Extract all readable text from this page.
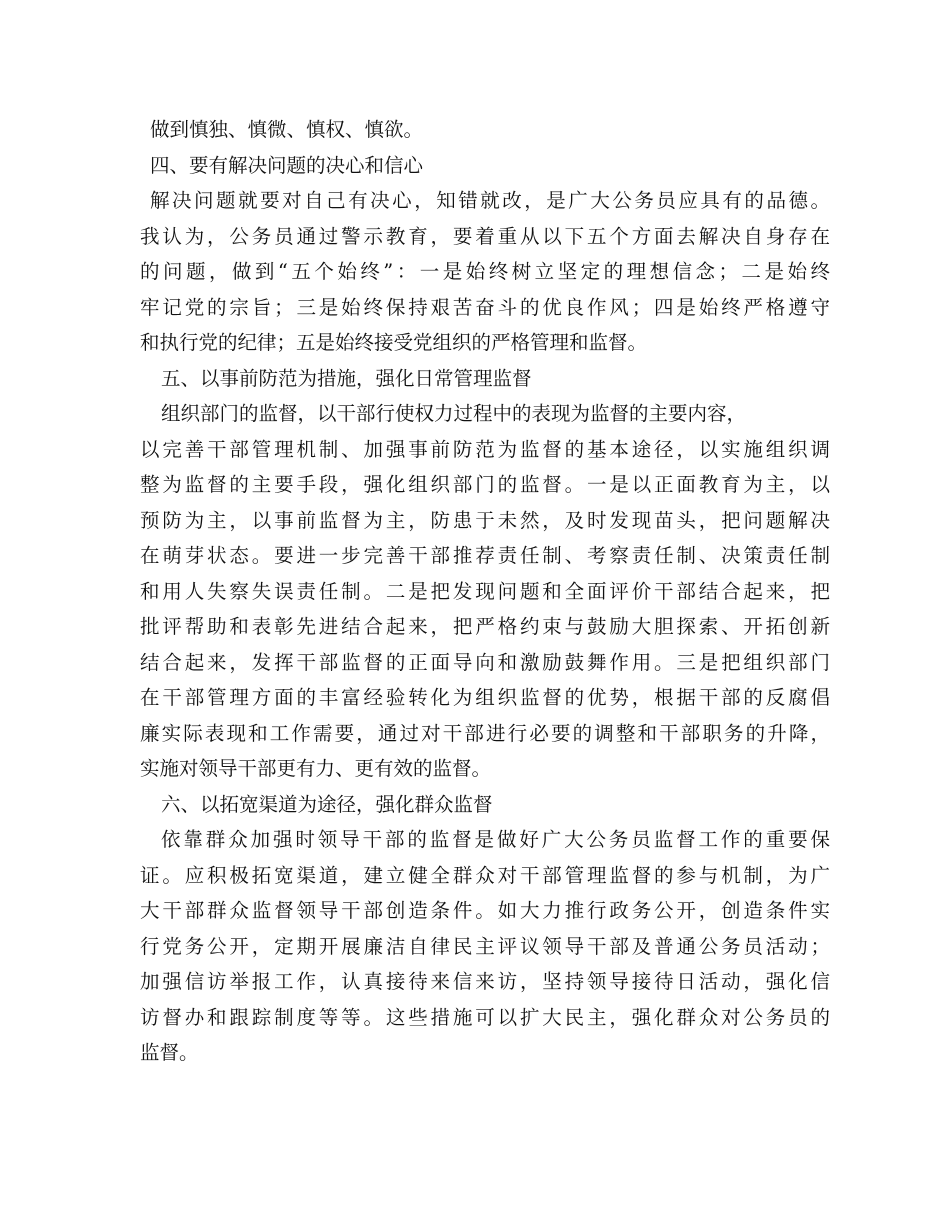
做到慎独、慎微、慎权、慎欲。
四、要有解决问题的决心和信心
解决问题就要对自己有决心，知错就改，是广大公务员应具有的品德。
我认为，公务员通过警示教育，要着重从以下五个方面去解决自身存在
的问题，做到“五个始终”：一是始终树立坚定的理想信念；二是始终
牢记党的宗旨；三是始终保持艰苦奋斗的优良作风；四是始终严格遵守
和执行党的纪律；五是始终接受党组织的严格管理和监督。
五、以事前防范为措施，强化日常管理监督
组织部门的监督，以干部行使权力过程中的表现为监督的主要内容，
以完善干部管理机制、加强事前防范为监督的基本途径，以实施组织调
整为监督的主要手段，强化组织部门的监督。一是以正面教育为主，以
预防为主，以事前监督为主，防患于未然，及时发现苗头，把问题解决
在萌芽状态。要进一步完善干部推荐责任制、考察责任制、决策责任制
和用人失察失误责任制。二是把发现问题和全面评价干部结合起来，把
批评帮助和表彰先进结合起来，把严格约束与鼓励大胆探索、开拓创新
结合起来，发挥干部监督的正面导向和激励鼓舞作用。三是把组织部门
在干部管理方面的丰富经验转化为组织监督的优势，根据干部的反腐倡
廉实际表现和工作需要，通过对干部进行必要的调整和干部职务的升降，
实施对领导干部更有力、更有效的监督。
六、以拓宽渠道为途径，强化群众监督
依靠群众加强时领导干部的监督是做好广大公务员监督工作的重要保
证。应积极拓宽渠道，建立健全群众对干部管理监督的参与机制，为广
大干部群众监督领导干部创造条件。如大力推行政务公开，创造条件实
行党务公开，定期开展廉洁自律民主评议领导干部及普通公务员活动；
加强信访举报工作，认真接待来信来访，坚持领导接待日活动，强化信
访督办和跟踪制度等等。这些措施可以扩大民主，强化群众对公务员的
监督。
